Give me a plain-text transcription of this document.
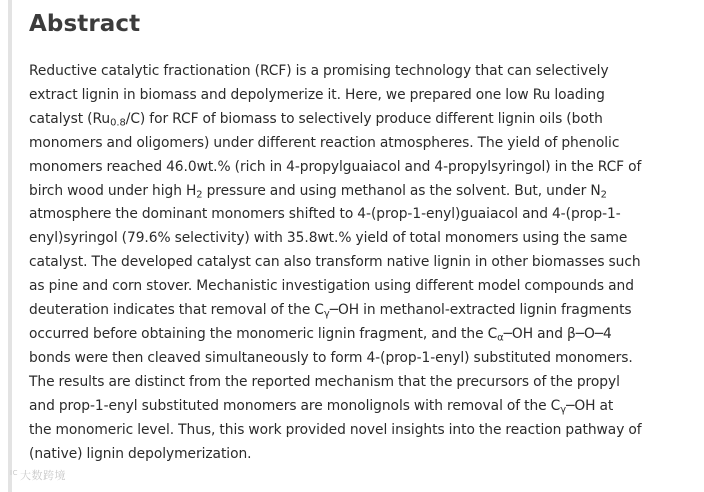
Abstract

Reductive catalytic fractionation (RCF) is a promising technology that can selectively
extract lignin in biomass and depolymerize it. Here, we prepared one low Ru loading
catalyst $(Ru_{0.8}/C)$ for RCF of biomass to selectively produce different lignin oils (both
monomers and oligomers) under different reaction atmospheres. The yield of phenolic
monomers reached 46.0wt.% (rich in 4-propylguaiacol and 4-propylsyringol) in the RCF of
birch wood under high $H_2$ pressure and using methanol as the solvent. But, under $N_2$
atmosphere the dominant monomers shifted to 4-(prop-1-enyl)guaiacol and 4-(prop-1-
enyl)syringol (79.6% selectivity) with 35.8wt.% yield of total monomers using the same
catalyst. The developed catalyst can also transform native lignin in other biomasses such
as pine and corn stover. Mechanistic investigation using different model compounds and
deuteration indicates that removal of the $C_\gamma─OH$ in methanol-extracted lignin fragments
occurred before obtaining the monomeric lignin fragment, and the $C_\alpha─OH$ and β─O─4
bonds were then cleaved simultaneously to form 4-(prop-1-enyl) substituted monomers.
The results are distinct from the reported mechanism that the precursors of the propyl
and prop-1-enyl substituted monomers are monolignols with removal of the $C_\gamma─OH$ at
the monomeric level. Thus, this work provided novel insights into the reaction pathway of
(native) lignin depolymerization.

$^{IC}$ 大数跨境
